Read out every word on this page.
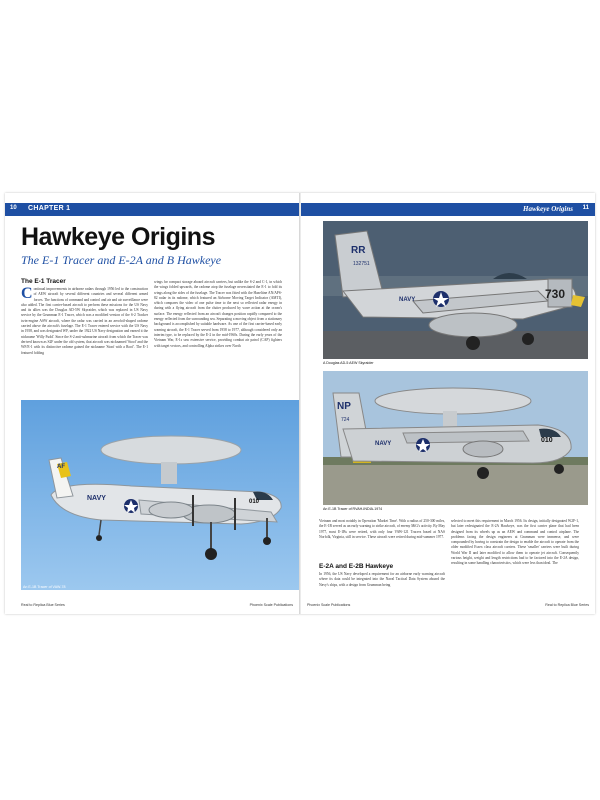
10 CHAPTER 1
Hawkeye Origins
The E-1 Tracer and E-2A and B Hawkeye
The E-1 Tracer
Continual improvements in airborne radars through 1956 led to the construction of AEW aircraft by several different countries and several different armed forces. The functions of command and control and air and air surveillance were also added. The first carrier-based aircraft to perform these missions for the US Navy and its allies was the Douglas AD-5W Skyraider, which was replaced in US Navy service by the Grumman E-1 Tracer, which was a modified version of the S-2 Tracker twin-engine ASW aircraft, where the radar was carried in an aerofoil-shaped radome carried above the aircraft's fuselage. The E-1 Tracer entered service with the US Navy in 1958, and was designated WF, under the 1922 US Navy designation and earned it the nickname 'Willy Fudd'. Since the S-2 anti-submarine aircraft from which the Tracer was derived known as S2F under the old system, that aircraft was nicknamed 'Stoof' and the WF/E-1 with its distinctive radome gained the nickname 'Stoof with a Roof'. The E-1 featured folding
wings for compact storage aboard aircraft carriers, but unlike the S-2 and C-1, in which the wings folded upwards, the radome atop the fuselage necessitated the E-1 to fold its wings along the sides of the fuselage. The Tracer was fitted with the Hazeltine AN/APS-82 radar in its radome, which featured an Airborne Moving Target Indicator (AMTI), which compares the video of one pulse time to the next so reflected radar energy in during with a flying aircraft from the clutter produced by wave action at the ocean's surface. The energy reflected from an aircraft changes position rapidly compared to the energy reflected from the surrounding sea. Separating a moving object from a stationary background is accomplished by suitable hardware. As one of the first carrier-based early warning aircraft, the E-1 Tracer served from 1958 to 1977, although considered only an interim type, to be replaced by the E-2 in the mid-1960s. During the early years of the Vietnam War, E-1s saw extensive service, providing combat air patrol (CAP) fighters with target vectors, and controlling Alpha strikes over North
NAVY	010
AF
An E-1B Tracer of VAW-78
Real to Replica Blue Series	Phoenix Scale Publications
Hawkeye Origins 11
RR
132751
NAVY	730
A Douglas AD-5 AEW Skyraider
NP
724
NAVY	010
An E-1B Tracer of RVAH-INDIA-1974
Vietnam and most notably in Operation 'Market Time'. With a radius of 250-300 miles, the E-1B served as an early warning to strike aircraft, of enemy MiG's activity. By May 1977, most E-1Bs were retired, with only four VAW-121 Tracers based at NAS Norfolk, Virginia, still in service. These aircraft were retired during mid-summer 1977.
E-2A and E-2B Hawkeye
In 1956, the US Navy developed a requirement for an airborne early warning aircraft where its data could be integrated into the Naval Tactical Data System aboard the Navy's ships, with a design from Grumman being
selected to meet this requirement in March 1956. Its design, initially designated W2F-1, but later redesignated the E-2A Hawkeye, was the first carrier plane that had been designed from its wheels up as an AEW and command and control airplane. The problems facing the design engineers at Grumman were immense, and were compounded by having to constrain the design to enable the aircraft to operate from the older modified Essex class aircraft carriers. These 'smaller' carriers were built during World War II and later modified to allow them to operate jet aircraft. Consequently various height, weight and length restrictions had to be factored into the E-2A design, resulting in some handling characteristics, which were less than ideal. The
Phoenix Scale Publications	Real to Replica Blue Series
